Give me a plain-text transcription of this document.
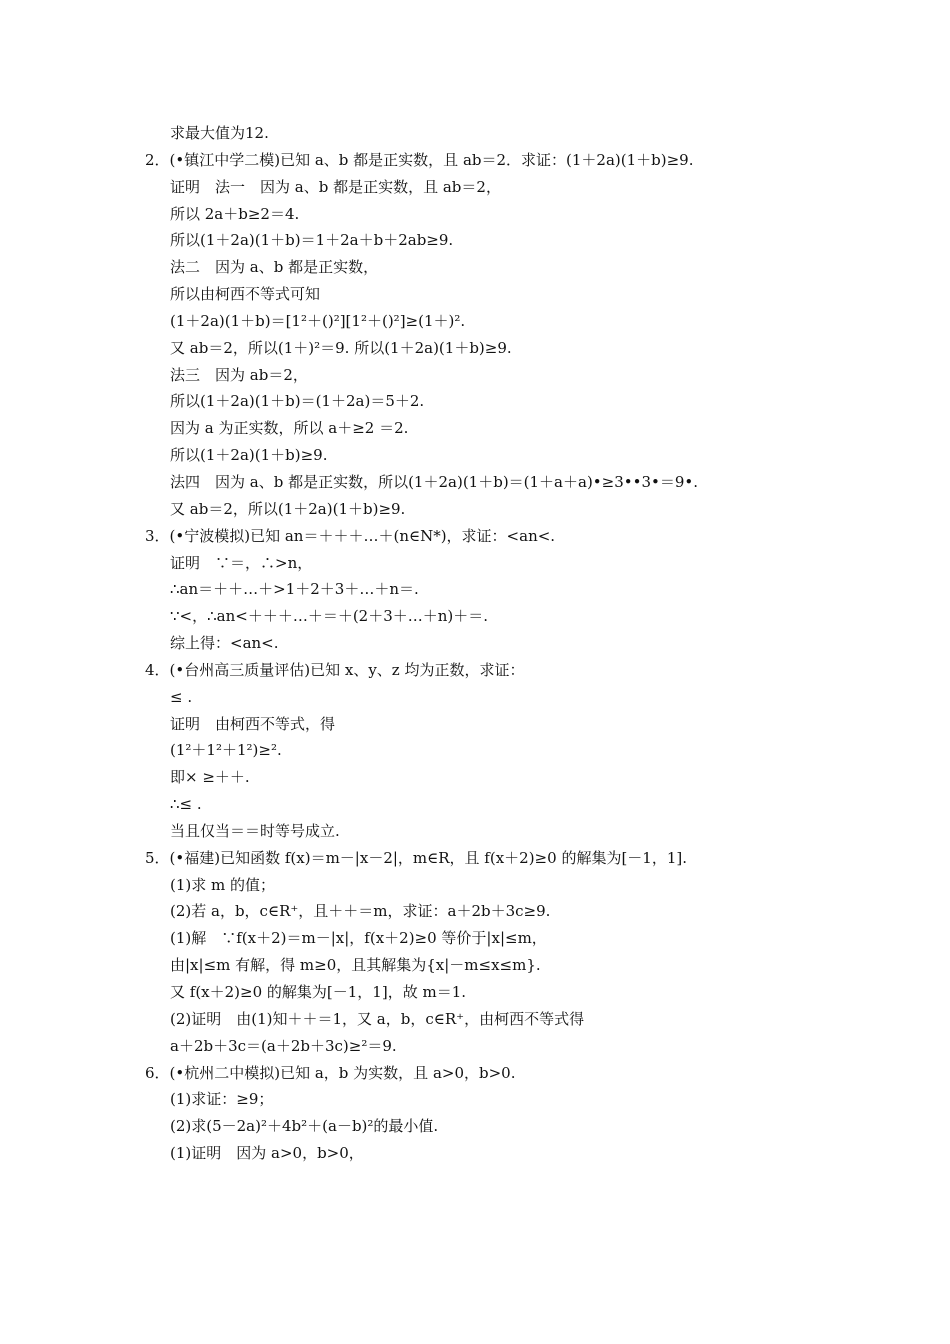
求最大值为12.
2．(•镇江中学二模)已知 a、b 都是正实数，且 ab＝2．求证：(1＋2a)(1＋b)≥9.
证明　法一　因为 a、b 都是正实数，且 ab＝2，
所以 2a＋b≥2＝4.
所以(1＋2a)(1＋b)＝1＋2a＋b＋2ab≥9.
法二　因为 a、b 都是正实数，
所以由柯西不等式可知
(1＋2a)(1＋b)＝[1²＋()²][1²＋()²]≥(1＋)².
又 ab＝2，所以(1＋)²＝9. 所以(1＋2a)(1＋b)≥9.
法三　因为 ab＝2，
所以(1＋2a)(1＋b)＝(1＋2a)＝5＋2.
因为 a 为正实数，所以 a＋≥2 ＝2.
所以(1＋2a)(1＋b)≥9.
法四　因为 a、b 都是正实数，所以(1＋2a)(1＋b)＝(1＋a＋a)•≥3••3•＝9•.
又 ab＝2，所以(1＋2a)(1＋b)≥9.
3．(•宁波模拟)已知 an＝＋＋＋…＋(n∈N*)，求证：<an<.
证明　∵＝，∴>n，
∴an＝＋＋…＋>1＋2＋3＋…＋n＝.
∵<，∴an<＋＋＋…＋＝＋(2＋3＋…＋n)＋＝.
综上得：<an<.
4．(•台州高三质量评估)已知 x、y、z 均为正数，求证：
≤ .
证明　由柯西不等式，得
(1²＋1²＋1²)≥².
即× ≥＋＋.
∴≤ .
当且仅当＝＝时等号成立.
5．(•福建)已知函数 f(x)＝m－|x－2|，m∈R，且 f(x＋2)≥0 的解集为[－1，1].
(1)求 m 的值；
(2)若 a，b，c∈R⁺，且＋＋＝m，求证：a＋2b＋3c≥9.
(1)解　∵f(x＋2)＝m－|x|，f(x＋2)≥0 等价于|x|≤m，
由|x|≤m 有解，得 m≥0，且其解集为{x|－m≤x≤m}.
又 f(x＋2)≥0 的解集为[－1，1]，故 m＝1.
(2)证明　由(1)知＋＋＝1，又 a，b，c∈R⁺，由柯西不等式得
a＋2b＋3c＝(a＋2b＋3c)≥²＝9.
6．(•杭州二中模拟)已知 a，b 为实数，且 a>0，b>0.
(1)求证：≥9；
(2)求(5－2a)²＋4b²＋(a－b)²的最小值.
(1)证明　因为 a>0，b>0，
